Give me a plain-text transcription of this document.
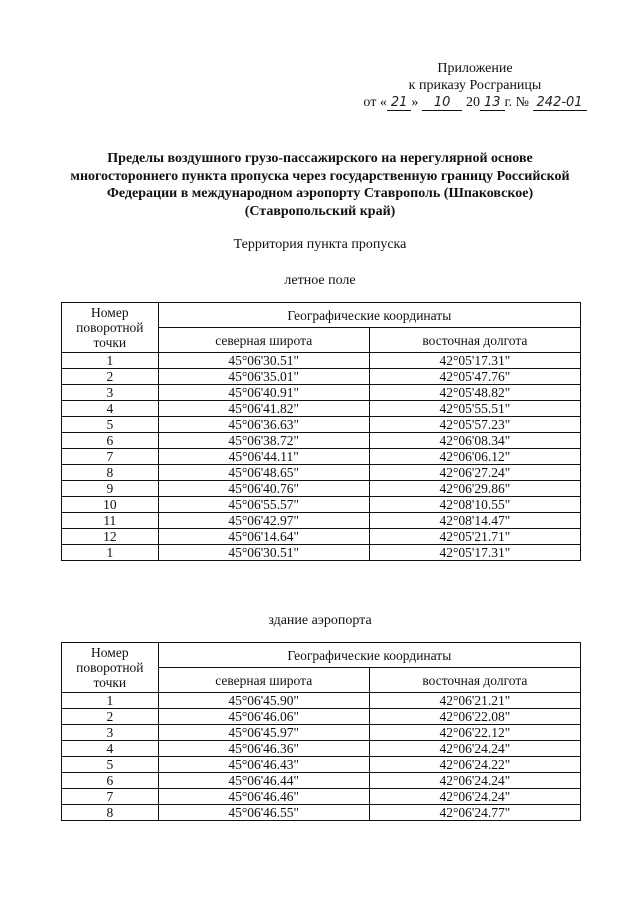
Приложение
к приказу Росграницы
от « 21 » 10 20 13 г. № 242-01
Пределы воздушного грузо-пассажирского на нерегулярной основе многостороннего пункта пропуска через государственную границу Российской Федерации в международном аэропорту Ставрополь (Шпаковское) (Ставропольский край)
Территория пункта пропуска
летное поле
Номер поворотной точки	Географические координаты	
	северная широта	восточная долгота
1	45°06'30.51"	42°05'17.31"
2	45°06'35.01"	42°05'47.76"
3	45°06'40.91"	42°05'48.82"
4	45°06'41.82"	42°05'55.51"
5	45°06'36.63"	42°05'57.23"
6	45°06'38.72"	42°06'08.34"
7	45°06'44.11"	42°06'06.12"
8	45°06'48.65"	42°06'27.24"
9	45°06'40.76"	42°06'29.86"
10	45°06'55.57"	42°08'10.55"
11	45°06'42.97"	42°08'14.47"
12	45°06'14.64"	42°05'21.71"
1	45°06'30.51"	42°05'17.31"
здание аэропорта
Номер поворотной точки	Географические координаты	
	северная широта	восточная долгота
1	45°06'45.90"	42°06'21.21"
2	45°06'46.06"	42°06'22.08"
3	45°06'45.97"	42°06'22.12"
4	45°06'46.36"	42°06'24.24"
5	45°06'46.43"	42°06'24.22"
6	45°06'46.44"	42°06'24.24"
7	45°06'46.46"	42°06'24.24"
8	45°06'46.55"	42°06'24.77"
